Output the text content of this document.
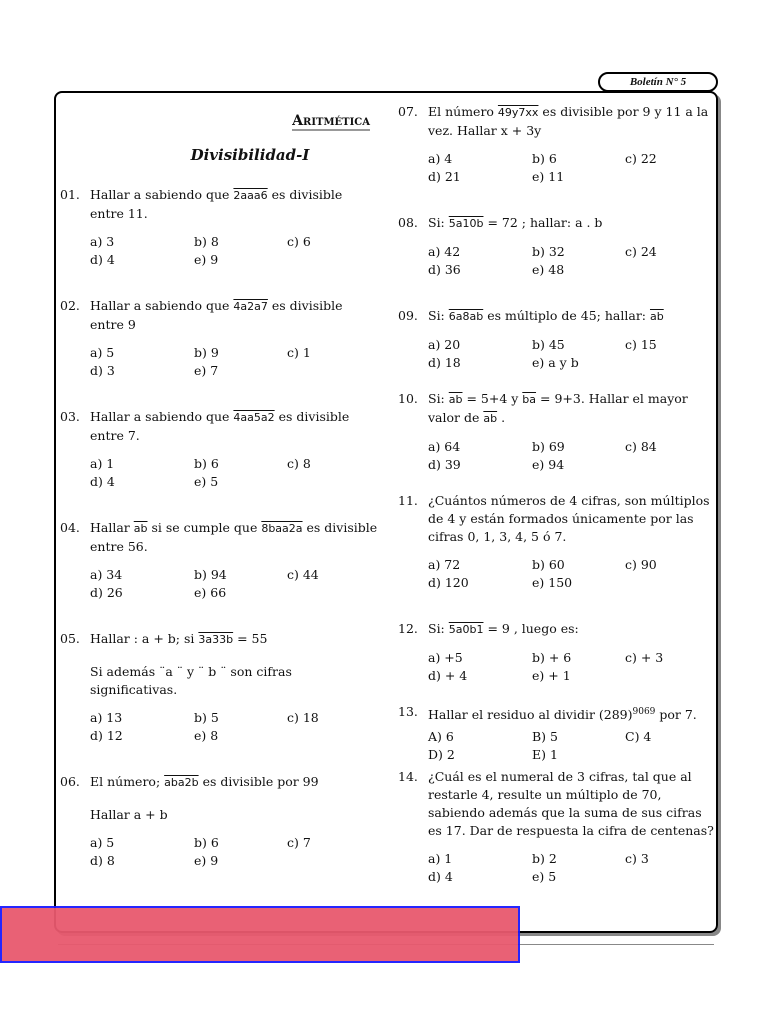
Boletín N° 5
Aritmética
Divisibilidad-I
01. Hallar a sabiendo que 2aaa6 es divisible entre 11.
a) 3	b) 8	c) 6
d) 4	e) 9
02. Hallar a sabiendo que 4a2a7 es divisible entre 9
a) 5	b) 9	c) 1
d) 3	e) 7
03. Hallar a sabiendo que 4aa5a2 es divisible entre 7.
a) 1	b) 6	c) 8
d) 4	e) 5
04. Hallar $\overline{ab}$ si se cumple que 8baa2a es divisible entre 56.
a) 34	b) 94	c) 44
d) 26	e) 66
05. Hallar : a + b; si 3a33b = 55
Si además ¨a ¨ y ¨ b ¨ son cifras significativas.
a) 13	b) 5	c) 18
d) 12	e) 8
06. El número; aba2b es divisible por 99
Hallar a + b
a) 5	b) 6	c) 7
d) 8	e) 9
07. El número 49y7xx es divisible por 9 y 11 a la vez. Hallar x + 3y
a) 4	b) 6	c) 22
d) 21	e) 11
08. Si: 5a10b = 72 ; hallar: a . b
a) 42	b) 32	c) 24
d) 36	e) 48
09. Si: 6a8ab es múltiplo de 45; hallar: $\overline{ab}$
a) 20	b) 45	c) 15
d) 18	e) a y b
10. Si: $\overline{ab} = 5+4$ y $\overline{ba} = 9+3$. Hallar el mayor valor de $\overline{ab}$ .
a) 64	b) 69	c) 84
d) 39	e) 94
11. ¿Cuántos números de 4 cifras, son múltiplos de 4 y están formados únicamente por las cifras 0, 1, 3, 4, 5 ó 7.
a) 72	b) 60	c) 90
d) 120	e) 150
12. Si: 5a0b1 = 9 , luego es:
a) +5	b) + 6	c) + 3
d) + 4	e) + 1
13. Hallar el residuo al dividir $(289)^{9069}$ por 7.
A) 6	B) 5	C) 4
D) 2	E) 1
14. ¿Cuál es el numeral de 3 cifras, tal que al restarle 4, resulte un múltiplo de 70, sabiendo además que la suma de sus cifras es 17. Dar de respuesta la cifra de centenas?
a) 1	b) 2	c) 3
d) 4	e) 5
